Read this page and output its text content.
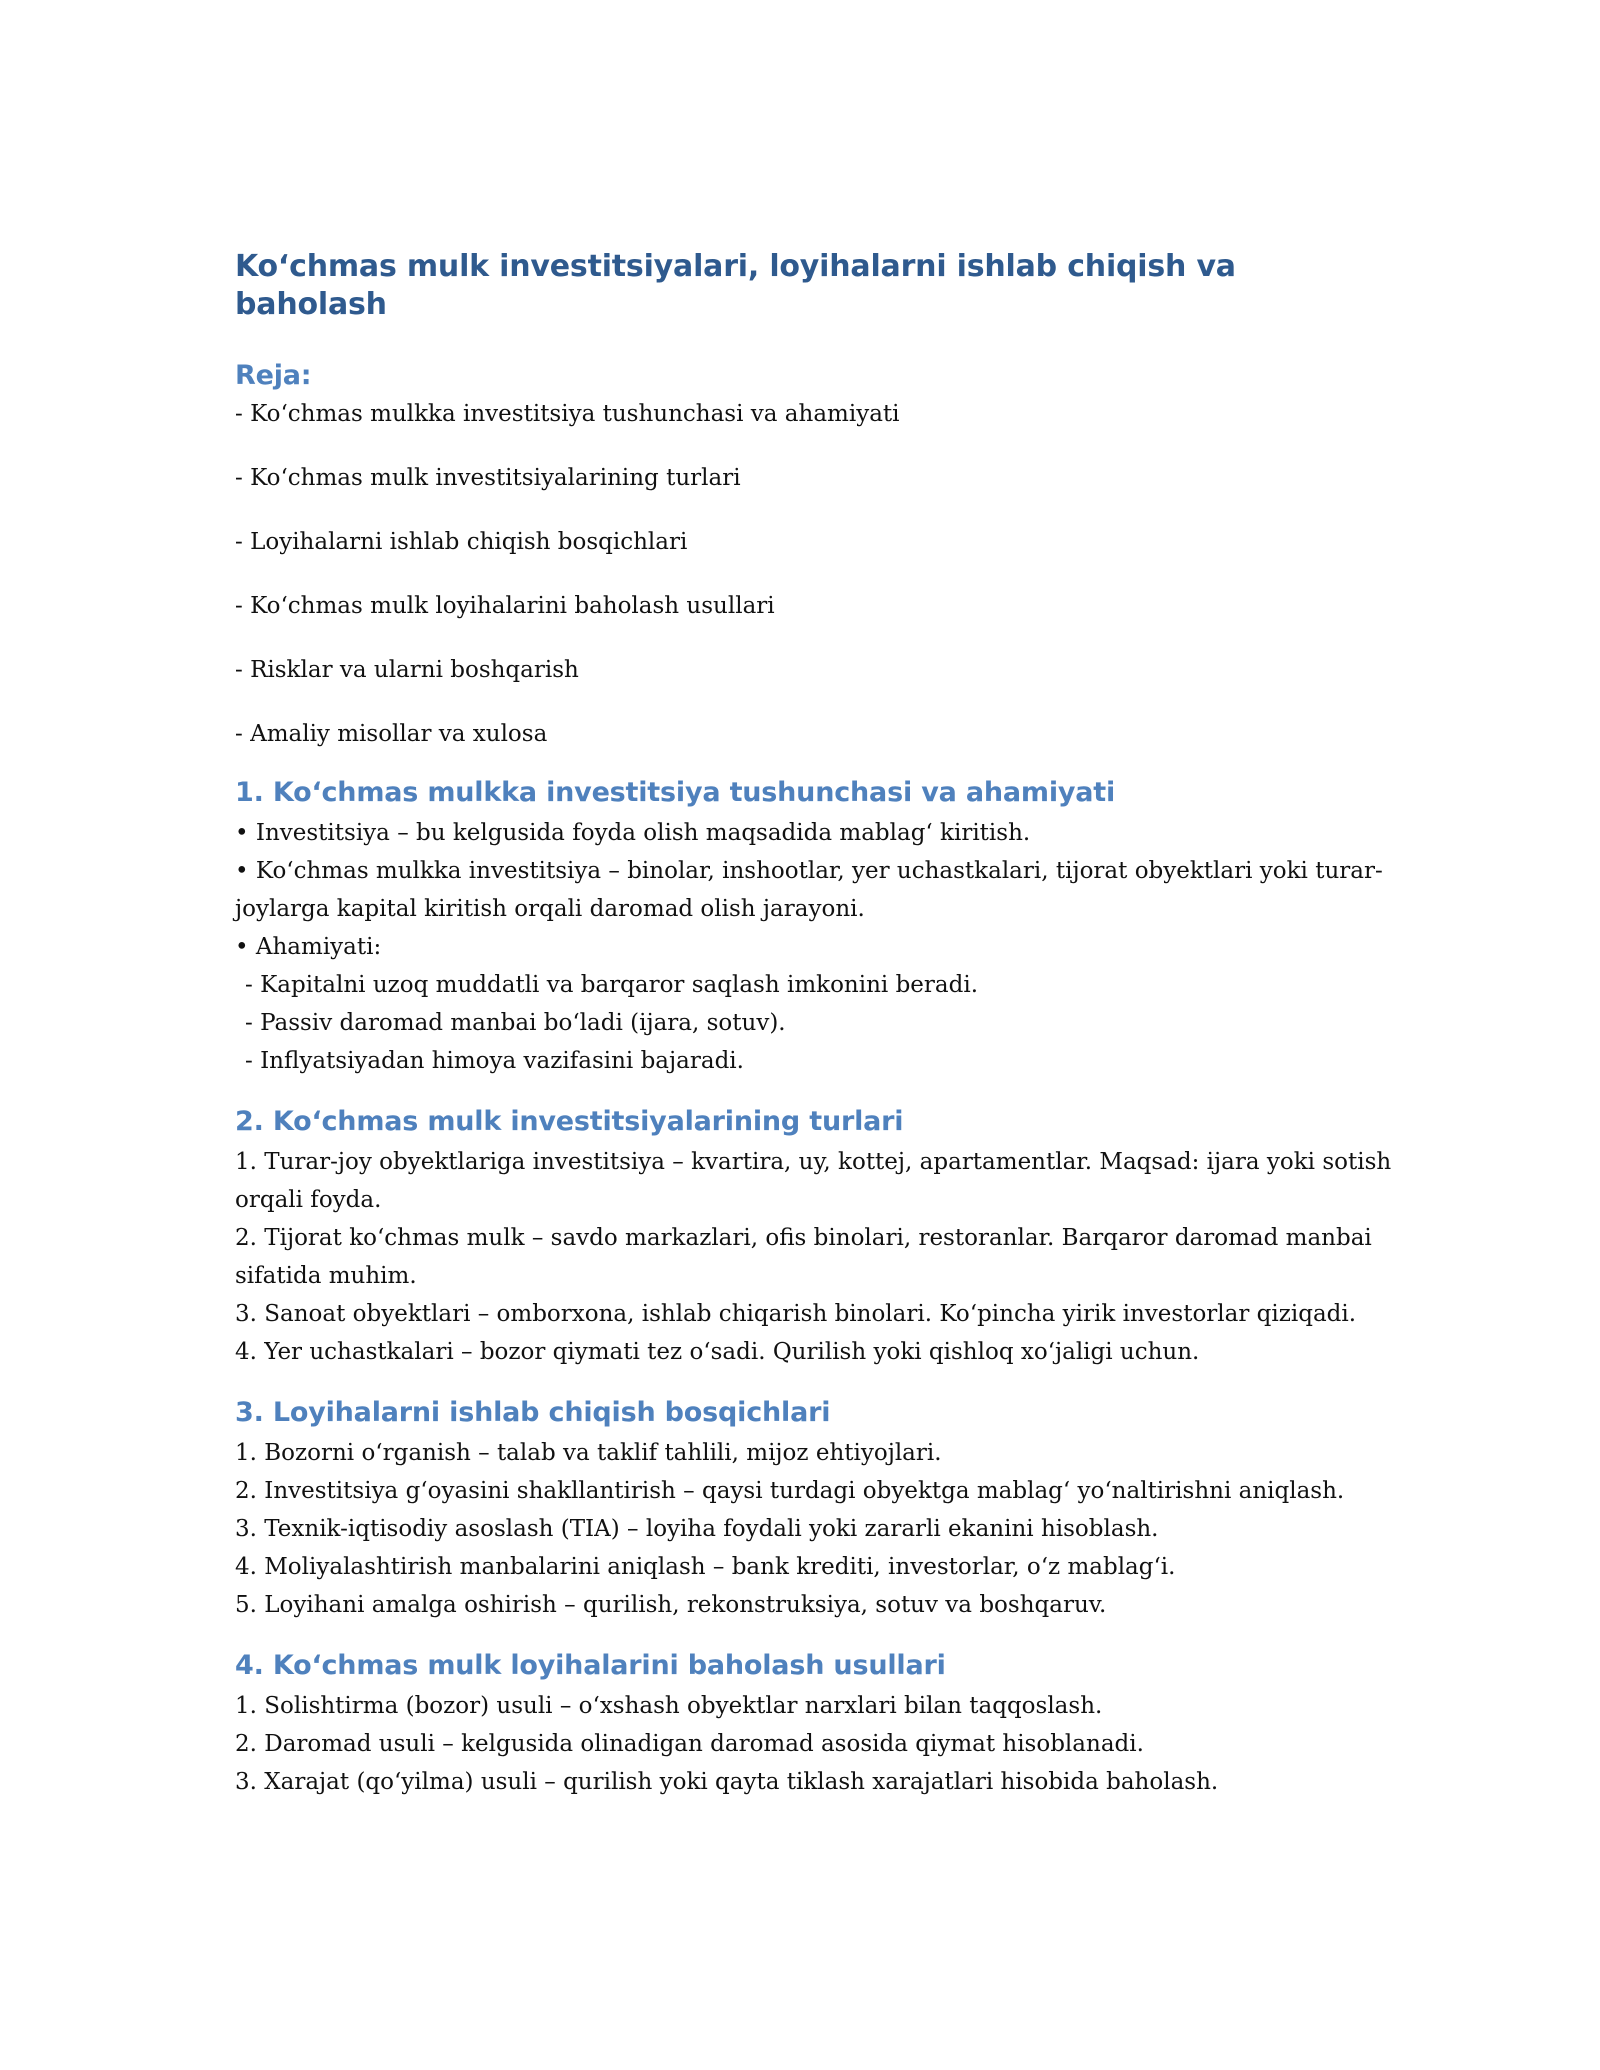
Ko‘chmas mulk investitsiyalari, loyihalarni ishlab chiqish va baholash
Reja:
- Ko‘chmas mulkka investitsiya tushunchasi va ahamiyati
- Ko‘chmas mulk investitsiyalarining turlari
- Loyihalarni ishlab chiqish bosqichlari
- Ko‘chmas mulk loyihalarini baholash usullari
- Risklar va ularni boshqarish
- Amaliy misollar va xulosa
1. Ko‘chmas mulkka investitsiya tushunchasi va ahamiyati

• Investitsiya – bu kelgusida foyda olish maqsadida mablag‘ kiritish.

• Ko‘chmas mulkka investitsiya – binolar, inshootlar, yer uchastkalari, tijorat obyektlari yoki turar-joylarga kapital kiritish orqali daromad olish jarayoni.

• Ahamiyati:

- Kapitalni uzoq muddatli va barqaror saqlash imkonini beradi.

- Passiv daromad manbai bo‘ladi (ijara, sotuv).

- Inflyatsiyadan himoya vazifasini bajaradi.

2. Ko‘chmas mulk investitsiyalarining turlari

1. Turar-joy obyektlariga investitsiya – kvartira, uy, kottej, apartamentlar. Maqsad: ijara yoki sotish orqali foyda.

2. Tijorat ko‘chmas mulk – savdo markazlari, ofis binolari, restoranlar. Barqaror daromad manbai sifatida muhim.

3. Sanoat obyektlari – omborxona, ishlab chiqarish binolari. Ko‘pincha yirik investorlar qiziqadi.

4. Yer uchastkalari – bozor qiymati tez o‘sadi. Qurilish yoki qishloq xo‘jaligi uchun.

3. Loyihalarni ishlab chiqish bosqichlari

1. Bozorni o‘rganish – talab va taklif tahlili, mijoz ehtiyojlari.

2. Investitsiya g‘oyasini shakllantirish – qaysi turdagi obyektga mablag‘ yo‘naltirishni aniqlash.

3. Texnik-iqtisodiy asoslash (TIA) – loyiha foydali yoki zararli ekanini hisoblash.

4. Moliyalashtirish manbalarini aniqlash – bank krediti, investorlar, o‘z mablag‘i.

5. Loyihani amalga oshirish – qurilish, rekonstruksiya, sotuv va boshqaruv.

4. Ko‘chmas mulk loyihalarini baholash usullari

1. Solishtirma (bozor) usuli – o‘xshash obyektlar narxlari bilan taqqoslash.

2. Daromad usuli – kelgusida olinadigan daromad asosida qiymat hisoblanadi.

3. Xarajat (qo‘yilma) usuli – qurilish yoki qayta tiklash xarajatlari hisobida baholash.
